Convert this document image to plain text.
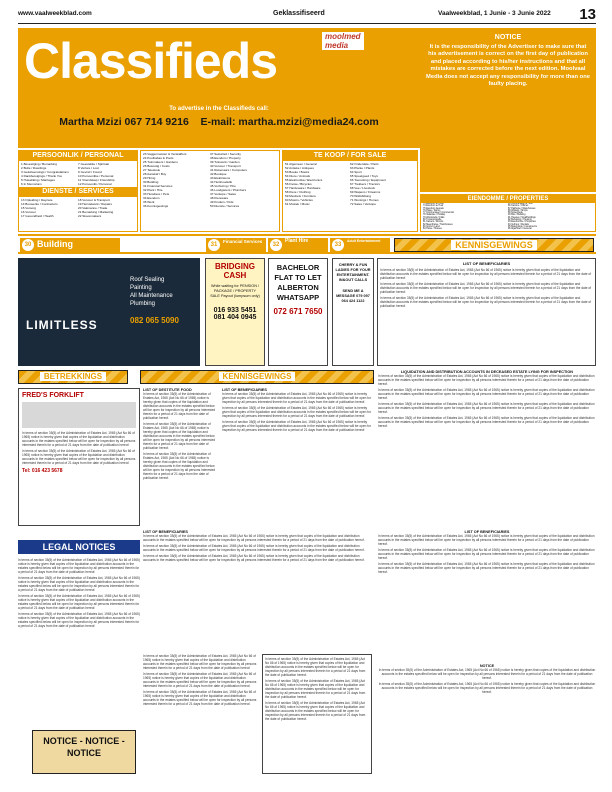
www.vaalweekblad.com	Geklassifiseerd	Vaalweekblad, 1 Junie - 3 Junie 2022 13
Classifieds	moolmed
media
To advertise in the Classifieds call:
Martha Mzizi 067 714 9216 E-mail: martha.mzizi@media24.com
NOTICE

It is the responsibility of the Advertiser to make sure that his advertisement is correct on the first day of publication and placed according to his/her instructions and that all mistakes are corrected before the next edition. Moolvaal Media does not accept any responsibility for more than one faulty placing.

PERSOONLIK / PERSONAL
1 Bevestiging / Bemarking
2 Bulle / Dweilings
3 Gelukwensings / Congratulations
4 Dankbetuigings / Thank You
5 Huweliking / Marriages
6 In Memoriam
7 Geestelike / Spiritual
8 Verlore / Lost
9 Gevind / Found
10 Persoonlike / Personal
11 Vriendskap / Friendship
12 Persoonlik / Personal
DIENSTE / SERVICES
13 Opleiding / Daycare
14 Bouwerke / Contractors
15 Versorg
16 Vervoer
17 Gesondheid / Health
18 Vervoer & Transport
19 Herstelwerk / Repairs
20 Vakmanne / Trade
21 Bemarking / Marketing
22 Skoonmakers
23 Vaggermeister & Verskaffers
24 Poolbabas & Pools
25 Tuinmakers / Gardens
26 Bekostig / Costs
27 Teleskole
28 Aanskaf / Buy
29 Hiring
30 Building
31 Financial Services
32 Plant / Hire
33 Huisdiere / Pets
34 Eiendom
35 Werk
36 Kennisgewings
37 Sekuriteit / Security
38 Eiendom / Property
39 Tuinwerk / Garden
40 Vervoer / Transport
41 Rekenaars / Computers
42 Boutique
43 Elektrisiens
44 Huishoudelik
45 Verhuring / Hire
46 Loodgieters / Plumbers
47 Verkope / Sales
48 Klereware
49 Kinders / Kids
50 Dienste / Services
TE KOOP / FOR SALE
51 Algemeen / General
52 Antieke / Antiques
53 Boeke / Books
54 Diere / Animals
55 Elektronika / Electronics
56 Fietse / Bicycles
57 Hardeware / Hardware
58 Klere / Clothing
59 Meubels / Furniture
60 Motors / Vehicles
61 Musiek / Music
62 Onderdele / Parts
63 Plante / Plants
64 Sport
65 Speelgoed / Toys
66 Toerusting / Equipment
67 Trekkers / Tractors
68 Vee / Livestock
69 Wapens / Firearms
70 Wildsbiltong
71 Wonings / Homes
72 Sales / Verkope
EIENDOMME / PROPERTIES
73 Eiendom te Koop
74 Eiendom te Huur
75 Eiendom Gesoek
76 Plase / Farms
77 Kommersieel / Commercial
78 Vakansie / Holiday
79 Woonstelle / Flats
80 Tuinwoonstelle
81 Kamers / Rooms
82 Meenthuise / Townhouses
83 Grond / Land
84 Huise / Houses
85 Kommersieel te Huur
86 Kantore / Offices
87 Pakhuise / Warehouses
88 Winkels / Shops
89 Nywerhede
90 Bou / Building
91 Hoewes / Smallholdings
92 Behuising / Housing
93 Eiendomme / Properties
94 Verhuur / Rentals
95 Beleggings / Investments
96 Algemeen / General
30 Building	31
Financial Services
32
Plant Hire
33
Adult Entertainment	KENNISGEWINGS
LIMITLESS
Roof Sealing
Painting
All Maintenance
Plumbing
082 065 5090
BRIDGING CASH
While waiting for PENSION / PACKAGE / PROPERTY SALE Payout (lumpsum only)
016 933 5451
081 404 0945
BACHELOR FLAT TO LET ALBERTON WHATSAPP
072 671 7650
CHERRY & FUN LADIES FOR YOUR ENTERTAINMENT. IN&OUT CALLS
SEND ME A MESSAGE 079 097 064 424 1122
LIST OF BENEFICIARIES
In terms of section 35(5) of the Administration of Estates Act, 1965 (Act No 66 of 1965) notice is hereby given that copies of the liquidation and distribution accounts in the estates specified below will be open for inspection by all persons interested therein for a period of 21 days from the date of publication hereof.
In terms of section 35(5) of the Administration of Estates Act, 1965 (Act No 66 of 1965) notice is hereby given that copies of the liquidation and distribution accounts in the estates specified below will be open for inspection by all persons interested therein for a period of 21 days from the date of publication hereof.
In terms of section 35(5) of the Administration of Estates Act, 1965 (Act No 66 of 1965) notice is hereby given that copies of the liquidation and distribution accounts in the estates specified below will be open for inspection by all persons interested therein for a period of 21 days from the date of publication hereof.
BETREKKINGS	KENNISGEWINGS
FRED'S FORKLIFT
In terms of section 35(5) of the Administration of Estates Act, 1965 (Act No 66 of 1965) notice is hereby given that copies of the liquidation and distribution accounts in the estates specified below will be open for inspection by all persons interested therein for a period of 21 days from the date of publication hereof.
In terms of section 35(5) of the Administration of Estates Act, 1965 (Act No 66 of 1965) notice is hereby given that copies of the liquidation and distribution accounts in the estates specified below will be open for inspection by all persons interested therein for a period of 21 days from the date of publication hereof.
Tel: 016 423 5678
LIST OF DESTITUTE FOOD
In terms of section 35(5) of the Administration of Estates Act, 1965 (Act No 66 of 1965) notice is hereby given that copies of the liquidation and distribution accounts in the estates specified below will be open for inspection by all persons interested therein for a period of 21 days from the date of publication hereof.
In terms of section 35(5) of the Administration of Estates Act, 1965 (Act No 66 of 1965) notice is hereby given that copies of the liquidation and distribution accounts in the estates specified below will be open for inspection by all persons interested therein for a period of 21 days from the date of publication hereof.
In terms of section 35(5) of the Administration of Estates Act, 1965 (Act No 66 of 1965) notice is hereby given that copies of the liquidation and distribution accounts in the estates specified below will be open for inspection by all persons interested therein for a period of 21 days from the date of publication hereof.
LIST OF BENEFICIARIES
In terms of section 35(5) of the Administration of Estates Act, 1965 (Act No 66 of 1965) notice is hereby given that copies of the liquidation and distribution accounts in the estates specified below will be open for inspection by all persons interested therein for a period of 21 days from the date of publication hereof.
In terms of section 35(5) of the Administration of Estates Act, 1965 (Act No 66 of 1965) notice is hereby given that copies of the liquidation and distribution accounts in the estates specified below will be open for inspection by all persons interested therein for a period of 21 days from the date of publication hereof.
In terms of section 35(5) of the Administration of Estates Act, 1965 (Act No 66 of 1965) notice is hereby given that copies of the liquidation and distribution accounts in the estates specified below will be open for inspection by all persons interested therein for a period of 21 days from the date of publication hereof.
LIQUIDATION AND DISTRIBUTION ACCOUNTS IN DECEASED ESTATE LYING FOR INSPECTION
In terms of section 35(5) of the Administration of Estates Act, 1965 (Act No 66 of 1965) notice is hereby given that copies of the liquidation and distribution accounts in the estates specified below will be open for inspection by all persons interested therein for a period of 21 days from the date of publication hereof.
In terms of section 35(5) of the Administration of Estates Act, 1965 (Act No 66 of 1965) notice is hereby given that copies of the liquidation and distribution accounts in the estates specified below will be open for inspection by all persons interested therein for a period of 21 days from the date of publication hereof.
In terms of section 35(5) of the Administration of Estates Act, 1965 (Act No 66 of 1965) notice is hereby given that copies of the liquidation and distribution accounts in the estates specified below will be open for inspection by all persons interested therein for a period of 21 days from the date of publication hereof.
In terms of section 35(5) of the Administration of Estates Act, 1965 (Act No 66 of 1965) notice is hereby given that copies of the liquidation and distribution accounts in the estates specified below will be open for inspection by all persons interested therein for a period of 21 days from the date of publication hereof.
LEGAL NOTICES
LIST OF BENEFICIARIES
In terms of section 35(5) of the Administration of Estates Act, 1965 (Act No 66 of 1965) notice is hereby given that copies of the liquidation and distribution accounts in the estates specified below will be open for inspection by all persons interested therein for a period of 21 days from the date of publication hereof.
In terms of section 35(5) of the Administration of Estates Act, 1965 (Act No 66 of 1965) notice is hereby given that copies of the liquidation and distribution accounts in the estates specified below will be open for inspection by all persons interested therein for a period of 21 days from the date of publication hereof.
In terms of section 35(5) of the Administration of Estates Act, 1965 (Act No 66 of 1965) notice is hereby given that copies of the liquidation and distribution accounts in the estates specified below will be open for inspection by all persons interested therein for a period of 21 days from the date of publication hereof.
In terms of section 35(5) of the Administration of Estates Act, 1965 (Act No 66 of 1965) notice is hereby given that copies of the liquidation and distribution accounts in the estates specified below will be open for inspection by all persons interested therein for a period of 21 days from the date of publication hereof.
In terms of section 35(5) of the Administration of Estates Act, 1965 (Act No 66 of 1965) notice is hereby given that copies of the liquidation and distribution accounts in the estates specified below will be open for inspection by all persons interested therein for a period of 21 days from the date of publication hereof.
In terms of section 35(5) of the Administration of Estates Act, 1965 (Act No 66 of 1965) notice is hereby given that copies of the liquidation and distribution accounts in the estates specified below will be open for inspection by all persons interested therein for a period of 21 days from the date of publication hereof.
In terms of section 35(5) of the Administration of Estates Act, 1965 (Act No 66 of 1965) notice is hereby given that copies of the liquidation and distribution accounts in the estates specified below will be open for inspection by all persons interested therein for a period of 21 days from the date of publication hereof.
LIST OF BENEFICIARIES
In terms of section 35(5) of the Administration of Estates Act, 1965 (Act No 66 of 1965) notice is hereby given that copies of the liquidation and distribution accounts in the estates specified below will be open for inspection by all persons interested therein for a period of 21 days from the date of publication hereof.
In terms of section 35(5) of the Administration of Estates Act, 1965 (Act No 66 of 1965) notice is hereby given that copies of the liquidation and distribution accounts in the estates specified below will be open for inspection by all persons interested therein for a period of 21 days from the date of publication hereof.
In terms of section 35(5) of the Administration of Estates Act, 1965 (Act No 66 of 1965) notice is hereby given that copies of the liquidation and distribution accounts in the estates specified below will be open for inspection by all persons interested therein for a period of 21 days from the date of publication hereof.
In terms of section 35(5) of the Administration of Estates Act, 1965 (Act No 66 of 1965) notice is hereby given that copies of the liquidation and distribution accounts in the estates specified below will be open for inspection by all persons interested therein for a period of 21 days from the date of publication hereof.
In terms of section 35(5) of the Administration of Estates Act, 1965 (Act No 66 of 1965) notice is hereby given that copies of the liquidation and distribution accounts in the estates specified below will be open for inspection by all persons interested therein for a period of 21 days from the date of publication hereof.
In terms of section 35(5) of the Administration of Estates Act, 1965 (Act No 66 of 1965) notice is hereby given that copies of the liquidation and distribution accounts in the estates specified below will be open for inspection by all persons interested therein for a period of 21 days from the date of publication hereof.
In terms of section 35(5) of the Administration of Estates Act, 1965 (Act No 66 of 1965) notice is hereby given that copies of the liquidation and distribution accounts in the estates specified below will be open for inspection by all persons interested therein for a period of 21 days from the date of publication hereof.
In terms of section 35(5) of the Administration of Estates Act, 1965 (Act No 66 of 1965) notice is hereby given that copies of the liquidation and distribution accounts in the estates specified below will be open for inspection by all persons interested therein for a period of 21 days from the date of publication hereof.
In terms of section 35(5) of the Administration of Estates Act, 1965 (Act No 66 of 1965) notice is hereby given that copies of the liquidation and distribution accounts in the estates specified below will be open for inspection by all persons interested therein for a period of 21 days from the date of publication hereof.
NOTICE
In terms of section 35(5) of the Administration of Estates Act, 1965 (Act No 66 of 1965) notice is hereby given that copies of the liquidation and distribution accounts in the estates specified below will be open for inspection by all persons interested therein for a period of 21 days from the date of publication hereof.
In terms of section 35(5) of the Administration of Estates Act, 1965 (Act No 66 of 1965) notice is hereby given that copies of the liquidation and distribution accounts in the estates specified below will be open for inspection by all persons interested therein for a period of 21 days from the date of publication hereof.
NOTICE - NOTICE - NOTICE
